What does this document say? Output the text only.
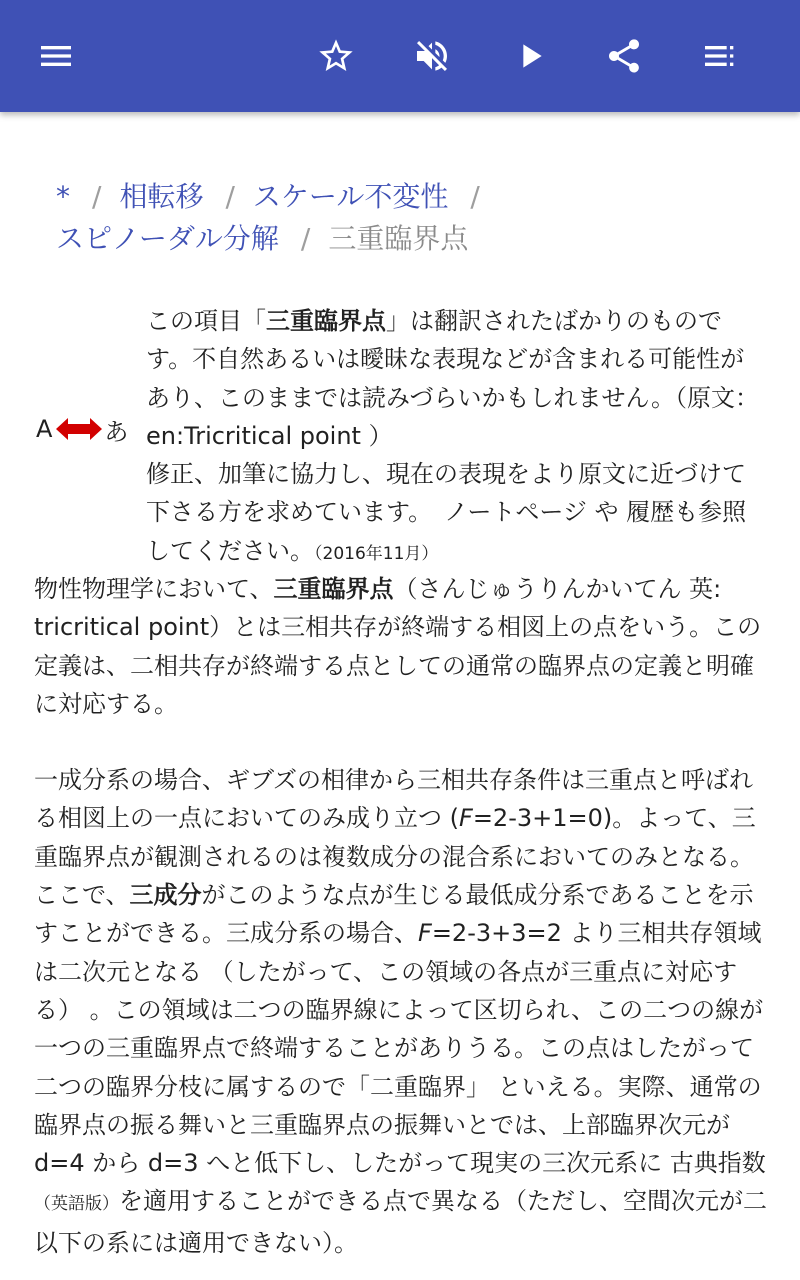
* / 相転移 / スケール不変性 /
スピノーダル分解 / 三重臨界点
A あ
この項目「三重臨界点」は翻訳されたばかりのものです。不自然あるいは曖昧な表現などが含まれる可能性があり、このままでは読みづらいかもしれません。（原文： en:Tricritical point ）
修正、加筆に協力し、現在の表現をより原文に近づけて下さる方を求めています。 ノートページ や 履歴も参照してください。（2016年11月）

物性物理学において、三重臨界点（さんじゅうりんかいてん 英: tricritical point）とは三相共存が終端する相図上の点をいう。この定義は、二相共存が終端する点としての通常の臨界点の定義と明確に対応する。

一成分系の場合、ギブズの相律から三相共存条件は三重点と呼ばれる相図上の一点においてのみ成り立つ (F=2-3+1=0)。よって、三重臨界点が観測されるのは複数成分の混合系においてのみとなる。ここで、三成分がこのような点が生じる最低成分系であることを示すことができる。三成分系の場合、F=2-3+3=2 より三相共存領域は二次元となる （したがって、この領域の各点が三重点に対応する） 。この領域は二つの臨界線によって区切られ、この二つの線が一つの三重臨界点で終端することがありうる。この点はしたがって二つの臨界分枝に属するので「二重臨界」 といえる。実際、通常の臨界点の振る舞いと三重臨界点の振舞いとでは、上部臨界次元が d=4 から d=3 へと低下し、したがって現実の三次元系に 古典指数（英語版）を適用することができる点で異なる（ただし、空間次元が二以下の系には適用できない）。
